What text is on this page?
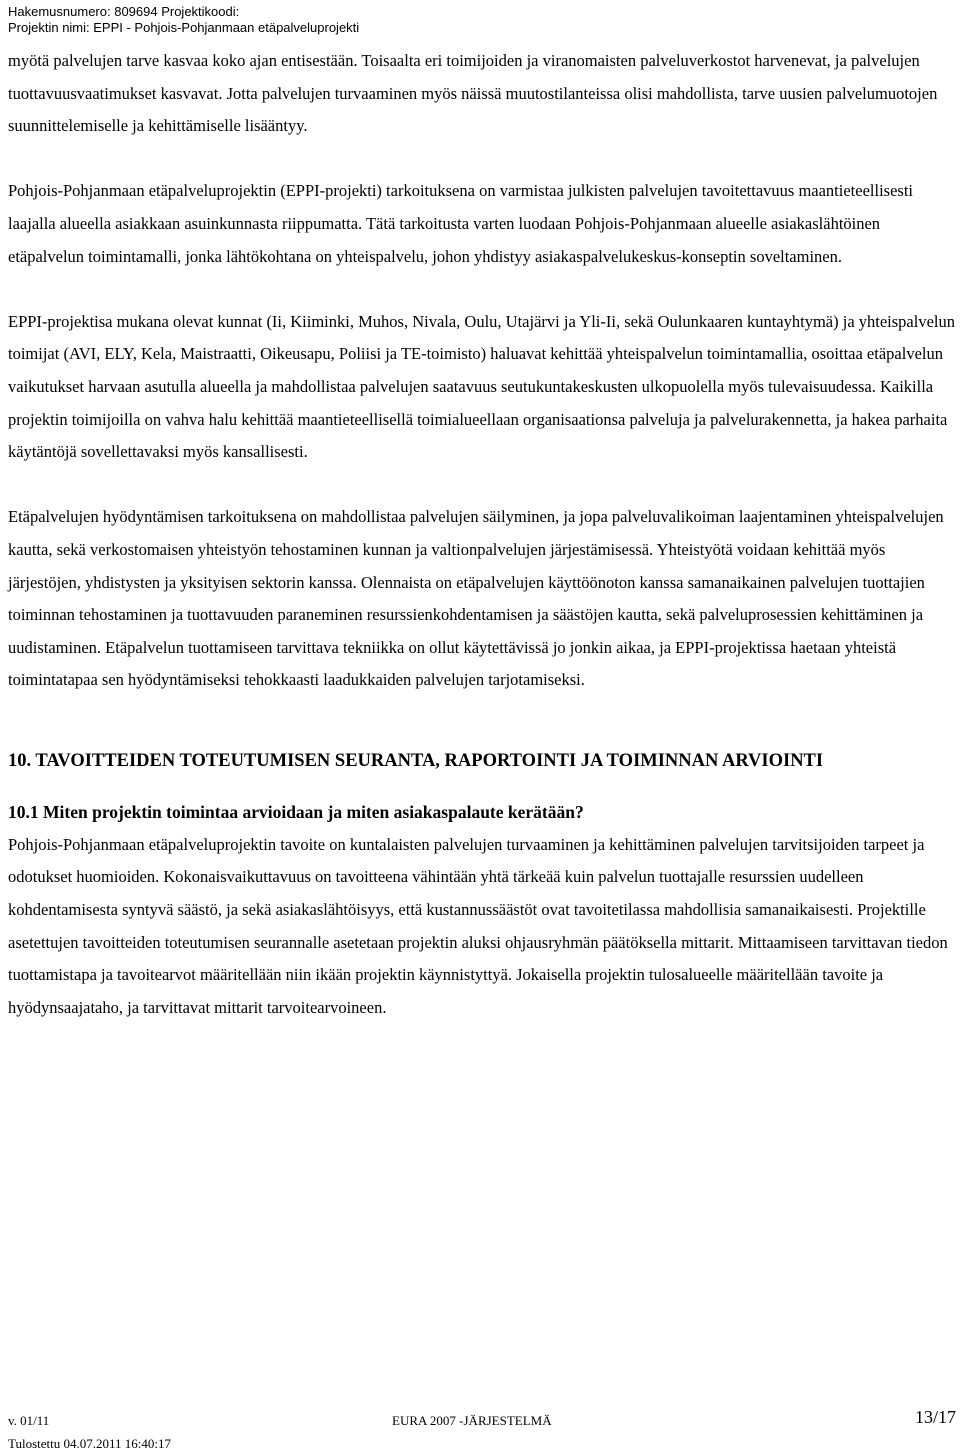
Hakemusnumero: 809694 Projektikoodi:
Projektin nimi: EPPI - Pohjois-Pohjanmaan etäpalveluprojekti

myötä palvelujen tarve kasvaa koko ajan entisestään. Toisaalta eri toimijoiden ja viranomaisten palveluverkostot harvenevat, ja palvelujen tuottavuusvaatimukset kasvavat. Jotta palvelujen turvaaminen myös näissä muutostilanteissa olisi mahdollista, tarve uusien palvelumuotojen suunnittelemiselle ja kehittämiselle lisääntyy.

Pohjois-Pohjanmaan etäpalveluprojektin (EPPI-projekti) tarkoituksena on varmistaa julkisten palvelujen tavoitettavuus maantieteellisesti laajalla alueella asiakkaan asuinkunnasta riippumatta. Tätä tarkoitusta varten luodaan Pohjois-Pohjanmaan alueelle asiakaslähtöinen etäpalvelun toimintamalli, jonka lähtökohtana on yhteispalvelu, johon yhdistyy asiakaspalvelukeskus-konseptin soveltaminen.

EPPI-projektisa mukana olevat kunnat (Ii, Kiiminki, Muhos, Nivala, Oulu, Utajärvi ja Yli-Ii, sekä Oulunkaaren kuntayhtymä) ja yhteispalvelun toimijat (AVI, ELY, Kela, Maistraatti, Oikeusapu, Poliisi ja TE-toimisto) haluavat kehittää yhteispalvelun toimintamallia, osoittaa etäpalvelun vaikutukset harvaan asutulla alueella ja mahdollistaa palvelujen saatavuus seutukuntakeskusten ulkopuolella myös tulevaisuudessa. Kaikilla projektin toimijoilla on vahva halu kehittää maantieteellisellä toimialueellaan organisaationsa palveluja ja palvelurakennetta, ja hakea parhaita käytäntöjä sovellettavaksi myös kansallisesti.

Etäpalvelujen hyödyntämisen tarkoituksena on mahdollistaa palvelujen säilyminen, ja jopa palveluvalikoiman laajentaminen yhteispalvelujen kautta, sekä verkostomaisen yhteistyön tehostaminen kunnan ja valtionpalvelujen järjestämisessä. Yhteistyötä voidaan kehittää myös järjestöjen, yhdistysten ja yksityisen sektorin kanssa. Olennaista on etäpalvelujen käyttöönoton kanssa samanaikainen palvelujen tuottajien toiminnan tehostaminen ja tuottavuuden paraneminen resurssienkohdentamisen ja säästöjen kautta, sekä palveluprosessien kehittäminen ja uudistaminen. Etäpalvelun tuottamiseen tarvittava tekniikka on ollut käytettävissä jo jonkin aikaa, ja EPPI-projektissa haetaan yhteistä toimintatapaa sen hyödyntämiseksi tehokkaasti laadukkaiden palvelujen tarjotamiseksi.

10. TAVOITTEIDEN TOTEUTUMISEN SEURANTA, RAPORTOINTI JA TOIMINNAN ARVIOINTI
10.1 Miten projektin toimintaa arvioidaan ja miten asiakaspalaute kerätään?

Pohjois-Pohjanmaan etäpalveluprojektin tavoite on kuntalaisten palvelujen turvaaminen ja kehittäminen palvelujen tarvitsijoiden tarpeet ja odotukset huomioiden. Kokonaisvaikuttavuus on tavoitteena vähintään yhtä tärkeää kuin palvelun tuottajalle resurssien uudelleen kohdentamisesta syntyvä säästö, ja sekä asiakaslähtöisyys, että kustannussäästöt ovat tavoitetilassa mahdollisia samanaikaisesti. Projektille asetettujen tavoitteiden toteutumisen seurannalle asetetaan projektin aluksi ohjausryhmän päätöksella mittarit. Mittaamiseen tarvittavan tiedon tuottamistapa ja tavoitearvot määritellään niin ikään projektin käynnistyttyä. Jokaisella projektin tulosalueelle määritellään tavoite ja hyödynsaajataho, ja tarvittavat mittarit tarvoitearvoineen.

v. 01/11	EURA 2007 -JÄRJESTELMÄ	13/17
Tulostettu 04.07.2011 16:40:17
